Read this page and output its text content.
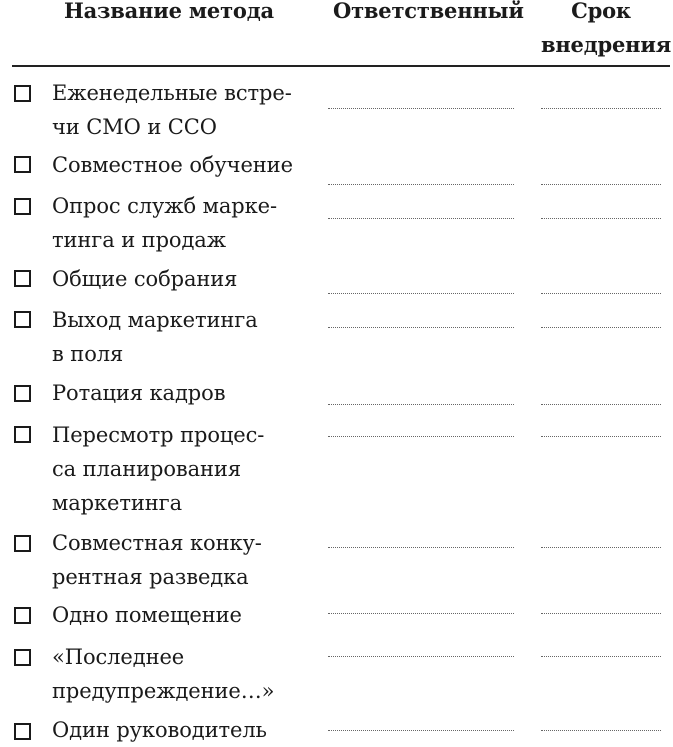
Название метода	Ответственный	Срок
внедрения
Еженедельные встре-
чи СМО и ССО
Совместное обучение
Опрос служб марке-
тинга и продаж
Общие собрания
Выход маркетинга
в поля
Ротация кадров
Пересмотр процес-
са планирования
маркетинга
Совместная конку-
рентная разведка
Одно помещение
«Последнее
предупреждение…»
Один руководитель
